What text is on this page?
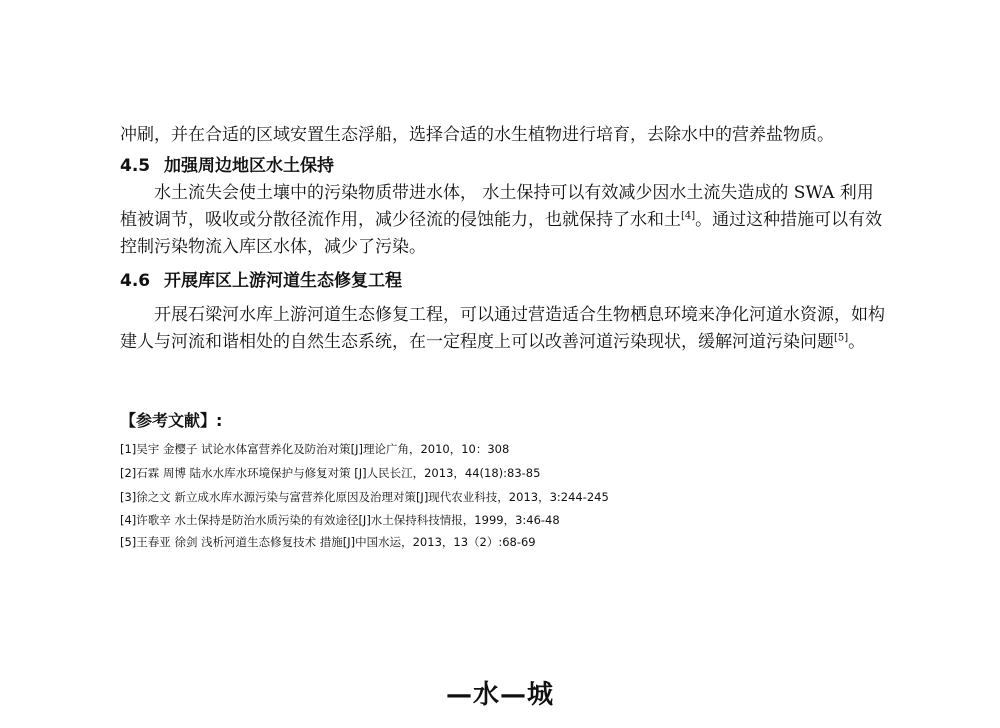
冲刷，并在合适的区域安置生态浮船，选择合适的水生植物进行培育，去除水中的营养盐物质。

4.5 加强周边地区水土保持

水土流失会使土壤中的污染物质带进水体， 水土保持可以有效减少因水土流失造成的 SWA 利用植被调节，吸收或分散径流作用，减少径流的侵蚀能力，也就保持了水和土[4]。通过这种措施可以有效控制污染物流入库区水体，减少了污染。

4.6 开展库区上游河道生态修复工程

开展石梁河水库上游河道生态修复工程，可以通过营造适合生物栖息环境来净化河道水资源，如构建人与河流和谐相处的自然生态系统，在一定程度上可以改善河道污染现状，缓解河道污染问题[5]。

【参考文献】:

[1]吴宇 金樱子 试论水体富营养化及防治对策[J]理论广角，2010，10：308

[2]石霖 周博 陆水水库水环境保护与修复对策 [J]人民长江，2013，44(18):83-85

[3]徐之文 新立成水库水源污染与富营养化原因及治理对策[J]现代农业科技，2013，3:244-245

[4]许歌辛 水土保持是防治水质污染的有效途径[J]水土保持科技情报，1999，3:46-48

[5]王春亚 徐剑 浅析河道生态修复技术 措施[J]中国水运，2013，13（2）:68-69

—水—城
